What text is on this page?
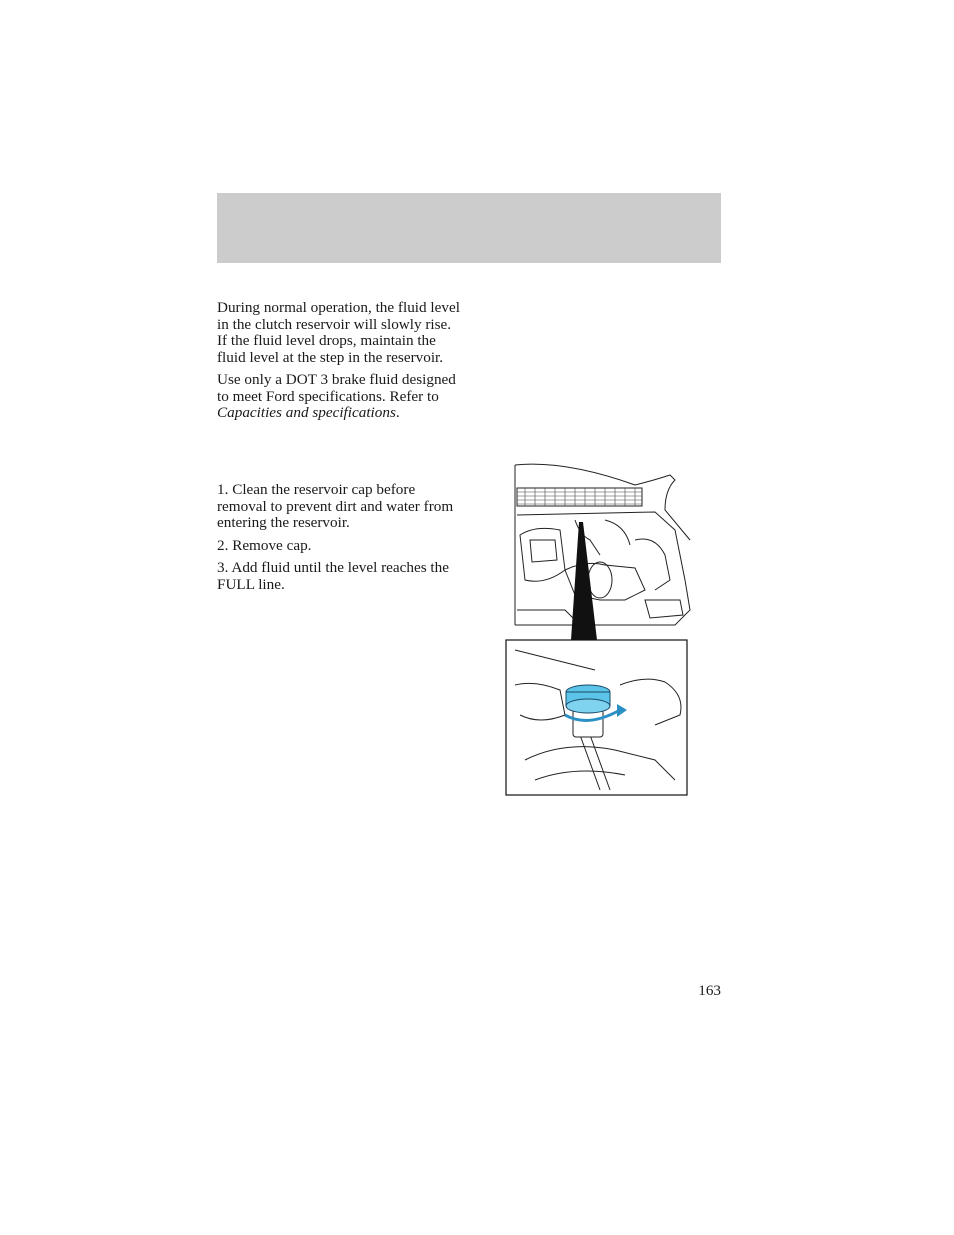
During normal operation, the fluid level in the clutch reservoir will slowly rise. If the fluid level drops, maintain the fluid level at the step in the reservoir.

Use only a DOT 3 brake fluid designed to meet Ford specifications. Refer to Capacities and specifications.

1. Clean the reservoir cap before removal to prevent dirt and water from entering the reservoir.

2. Remove cap.

3. Add fluid until the level reaches the FULL line.

163
